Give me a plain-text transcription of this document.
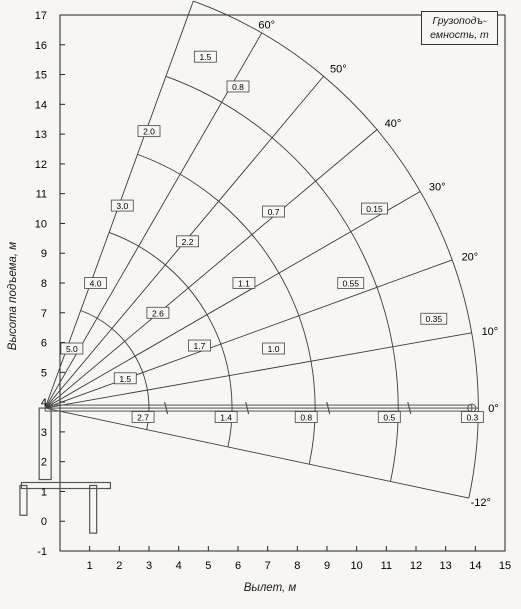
1 2 3 4 5 6 7 8 9 10 11 12 13 14 15
-1
0
1
2
3
4
5
6
7
8
9
10
11
12
13
14
15
16
17
-12°
0°
10°
20°
30°
40°
50°
60°
2.7	1.4	0.8	0.5	0.3
1.5
1.7	1.0
0.55
0.35
2.6
1.1
0.15
2.2
0.7
5.0
4.0
3.0
2.0
0.8
1.5
Грузоподъ-
емность, т
Высота подъема, м
Вылет, м
